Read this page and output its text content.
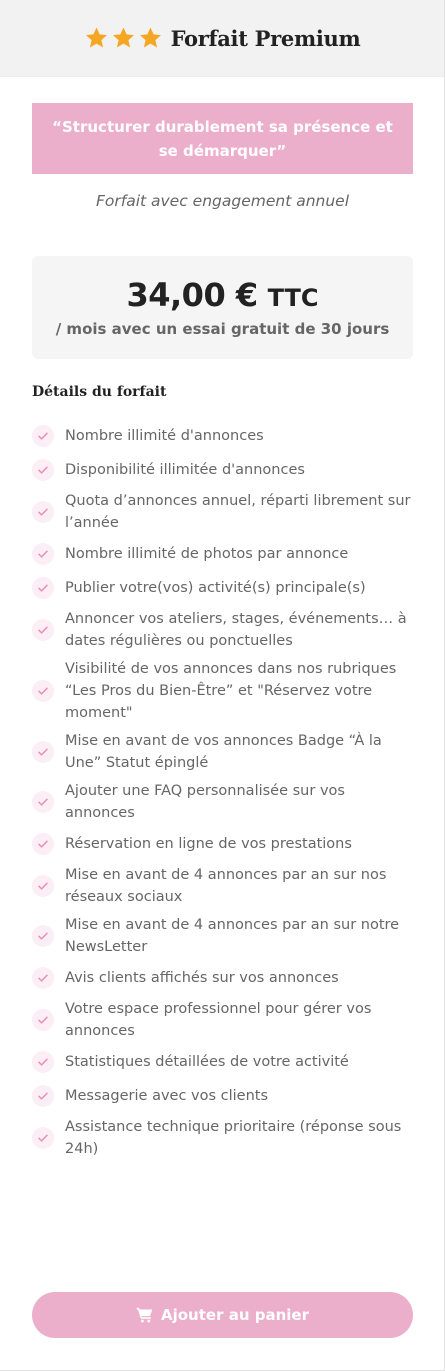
Forfait Premium
“Structurer durablement sa présence et se démarquer”

Forfait avec engagement annuel

34,00 € TTC
/ mois avec un essai gratuit de 30 jours
Détails du forfait
Nombre illimité d'annonces
Disponibilité illimitée d'annonces
Quota d’annonces annuel, réparti librement sur l’année
Nombre illimité de photos par annonce
Publier votre(vos) activité(s) principale(s)
Annoncer vos ateliers, stages, événements… à dates régulières ou ponctuelles
Visibilité de vos annonces dans nos rubriques “Les Pros du Bien-Être” et "Réservez votre moment"
Mise en avant de vos annonces Badge “À la Une” Statut épinglé
Ajouter une FAQ personnalisée sur vos annonces
Réservation en ligne de vos prestations
Mise en avant de 4 annonces par an sur nos réseaux sociaux
Mise en avant de 4 annonces par an sur notre NewsLetter
Avis clients affichés sur vos annonces
Votre espace professionnel pour gérer vos annonces
Statistiques détaillées de votre activité
Messagerie avec vos clients
Assistance technique prioritaire (réponse sous 24h)
Ajouter au panier
